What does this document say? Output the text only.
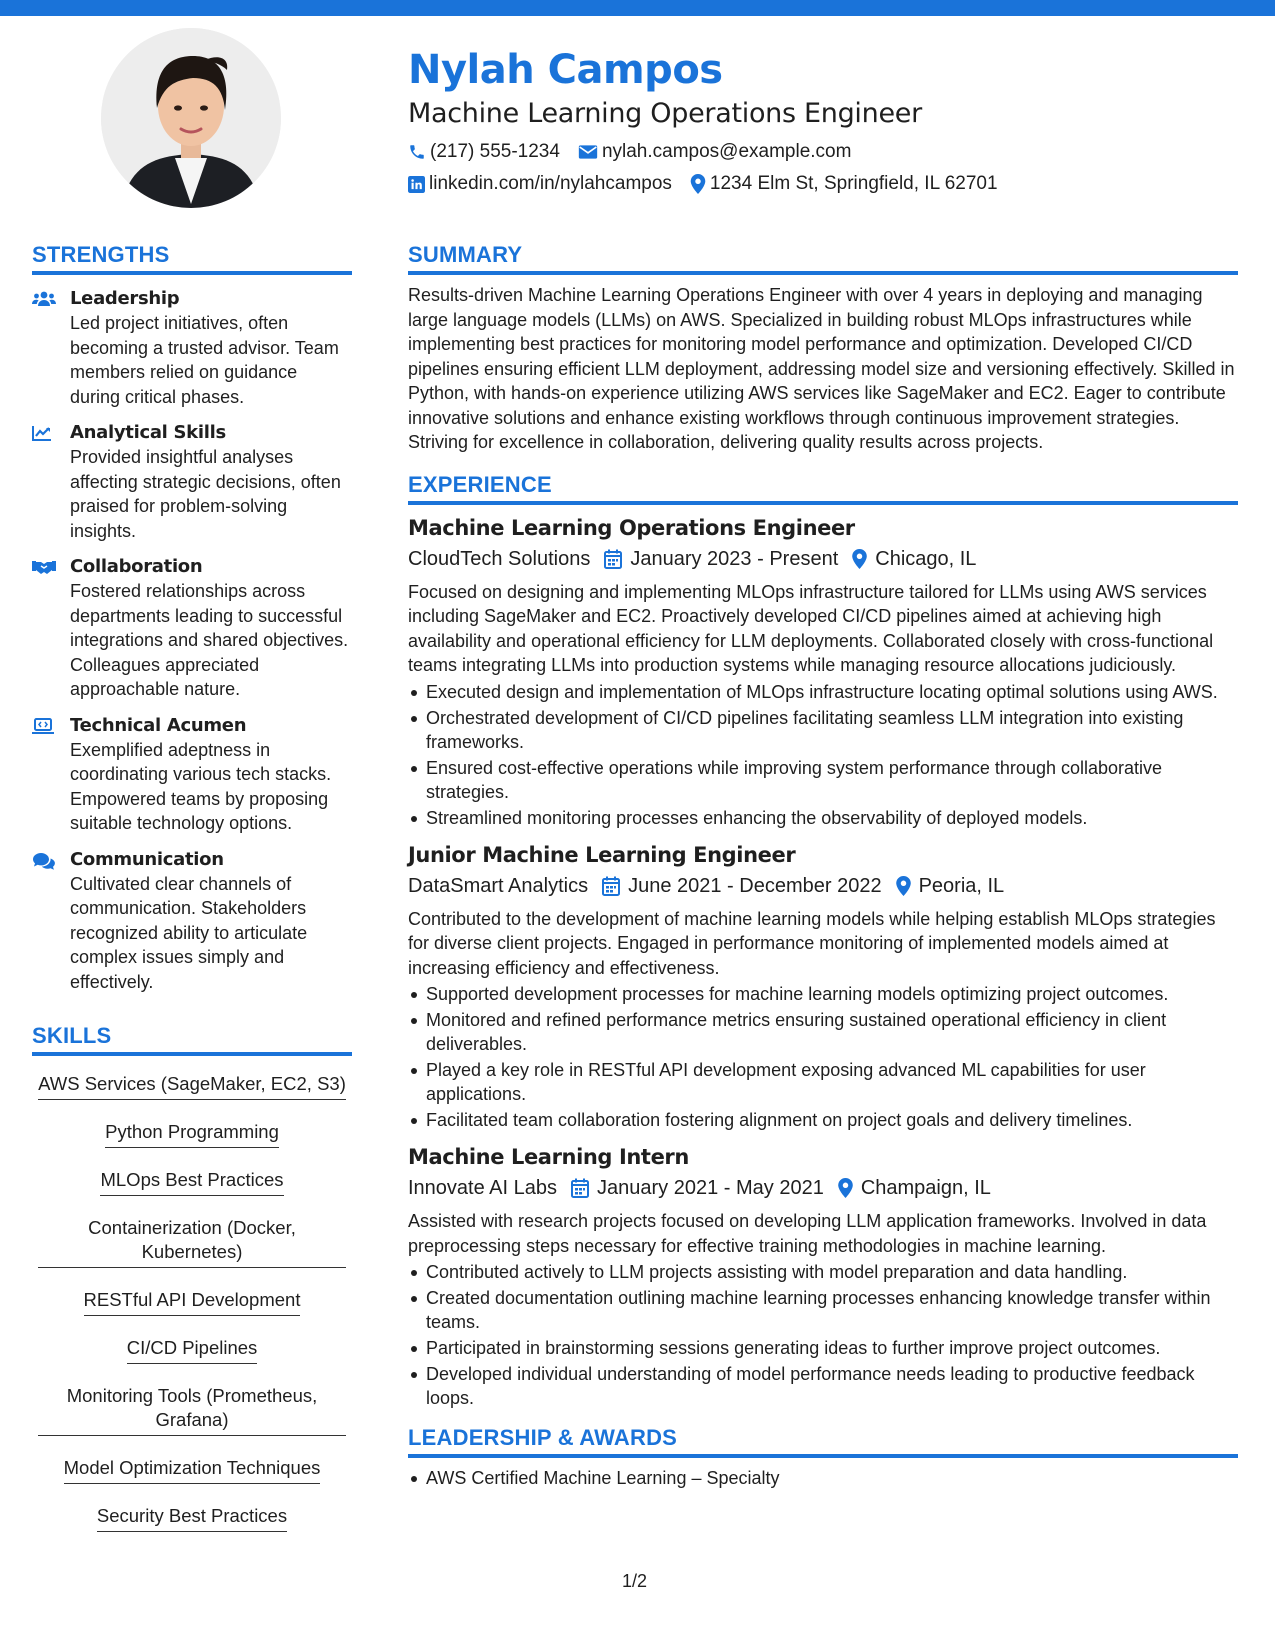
Nylah Campos
Machine Learning Operations Engineer
(217) 555-1234 nylah.campos@example.com
linkedin.com/in/nylahcampos 1234 Elm St, Springfield, IL 62701
STRENGTHS
Leadership
Led project initiatives, often becoming a trusted advisor. Team members relied on guidance during critical phases.
Analytical Skills
Provided insightful analyses affecting strategic decisions, often praised for problem-solving insights.
Collaboration
Fostered relationships across departments leading to successful integrations and shared objectives. Colleagues appreciated approachable nature.
Technical Acumen
Exemplified adeptness in coordinating various tech stacks. Empowered teams by proposing suitable technology options.
Communication
Cultivated clear channels of communication. Stakeholders recognized ability to articulate complex issues simply and effectively.
SKILLS
AWS Services (SageMaker, EC2, S3)
Python Programming
MLOps Best Practices
Containerization (Docker, Kubernetes)
RESTful API Development
CI/CD Pipelines
Monitoring Tools (Prometheus, Grafana)
Model Optimization Techniques
Security Best Practices
SUMMARY
Results-driven Machine Learning Operations Engineer with over 4 years in deploying and managing large language models (LLMs) on AWS. Specialized in building robust MLOps infrastructures while implementing best practices for monitoring model performance and optimization. Developed CI/CD pipelines ensuring efficient LLM deployment, addressing model size and versioning effectively. Skilled in Python, with hands-on experience utilizing AWS services like SageMaker and EC2. Eager to contribute innovative solutions and enhance existing workflows through continuous improvement strategies. Striving for excellence in collaboration, delivering quality results across projects.
EXPERIENCE
Machine Learning Operations Engineer
CloudTech Solutions January 2023 - Present Chicago, IL
Focused on designing and implementing MLOps infrastructure tailored for LLMs using AWS services including SageMaker and EC2. Proactively developed CI/CD pipelines aimed at achieving high availability and operational efficiency for LLM deployments. Collaborated closely with cross-functional teams integrating LLMs into production systems while managing resource allocations judiciously.
Executed design and implementation of MLOps infrastructure locating optimal solutions using AWS.
Orchestrated development of CI/CD pipelines facilitating seamless LLM integration into existing frameworks.
Ensured cost-effective operations while improving system performance through collaborative strategies.
Streamlined monitoring processes enhancing the observability of deployed models.
Junior Machine Learning Engineer
DataSmart Analytics June 2021 - December 2022 Peoria, IL
Contributed to the development of machine learning models while helping establish MLOps strategies for diverse client projects. Engaged in performance monitoring of implemented models aimed at increasing efficiency and effectiveness.
Supported development processes for machine learning models optimizing project outcomes.
Monitored and refined performance metrics ensuring sustained operational efficiency in client deliverables.
Played a key role in RESTful API development exposing advanced ML capabilities for user applications.
Facilitated team collaboration fostering alignment on project goals and delivery timelines.
Machine Learning Intern
Innovate AI Labs January 2021 - May 2021 Champaign, IL
Assisted with research projects focused on developing LLM application frameworks. Involved in data preprocessing steps necessary for effective training methodologies in machine learning.
Contributed actively to LLM projects assisting with model preparation and data handling.
Created documentation outlining machine learning processes enhancing knowledge transfer within teams.
Participated in brainstorming sessions generating ideas to further improve project outcomes.
Developed individual understanding of model performance needs leading to productive feedback loops.
LEADERSHIP & AWARDS
AWS Certified Machine Learning – Specialty
1/2
